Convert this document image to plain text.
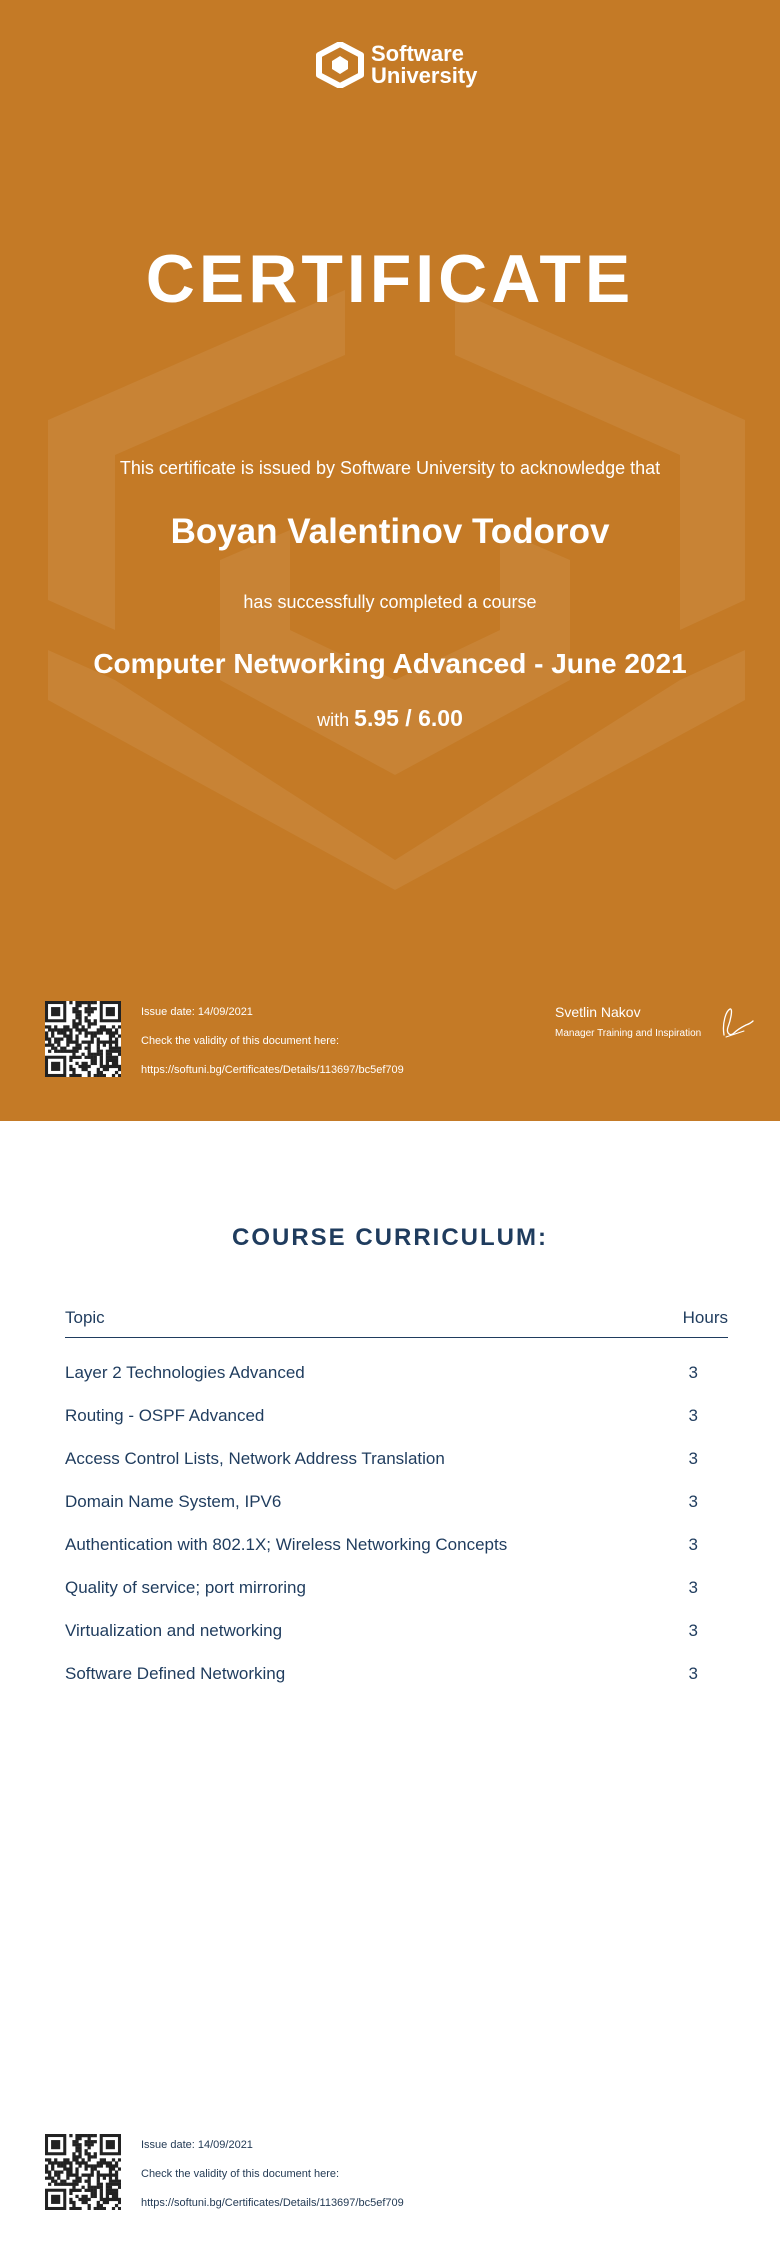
Software
University
CERTIFICATE
This certificate is issued by Software University to acknowledge that
Boyan Valentinov Todorov
has successfully completed a course
Computer Networking Advanced - June 2021
with 5.95 / 6.00
Issue date: 14/09/2021
Check the validity of this document here:
https://softuni.bg/Certificates/Details/113697/bc5ef709
Svetlin Nakov
Manager Training and Inspiration
COURSE CURRICULUM:
Topic	Hours
Layer 2 Technologies Advanced	3
Routing - OSPF Advanced	3
Access Control Lists, Network Address Translation	3
Domain Name System, IPV6	3
Authentication with 802.1X; Wireless Networking Concepts	3
Quality of service; port mirroring	3
Virtualization and networking	3
Software Defined Networking	3
Issue date: 14/09/2021
Check the validity of this document here:
https://softuni.bg/Certificates/Details/113697/bc5ef709
